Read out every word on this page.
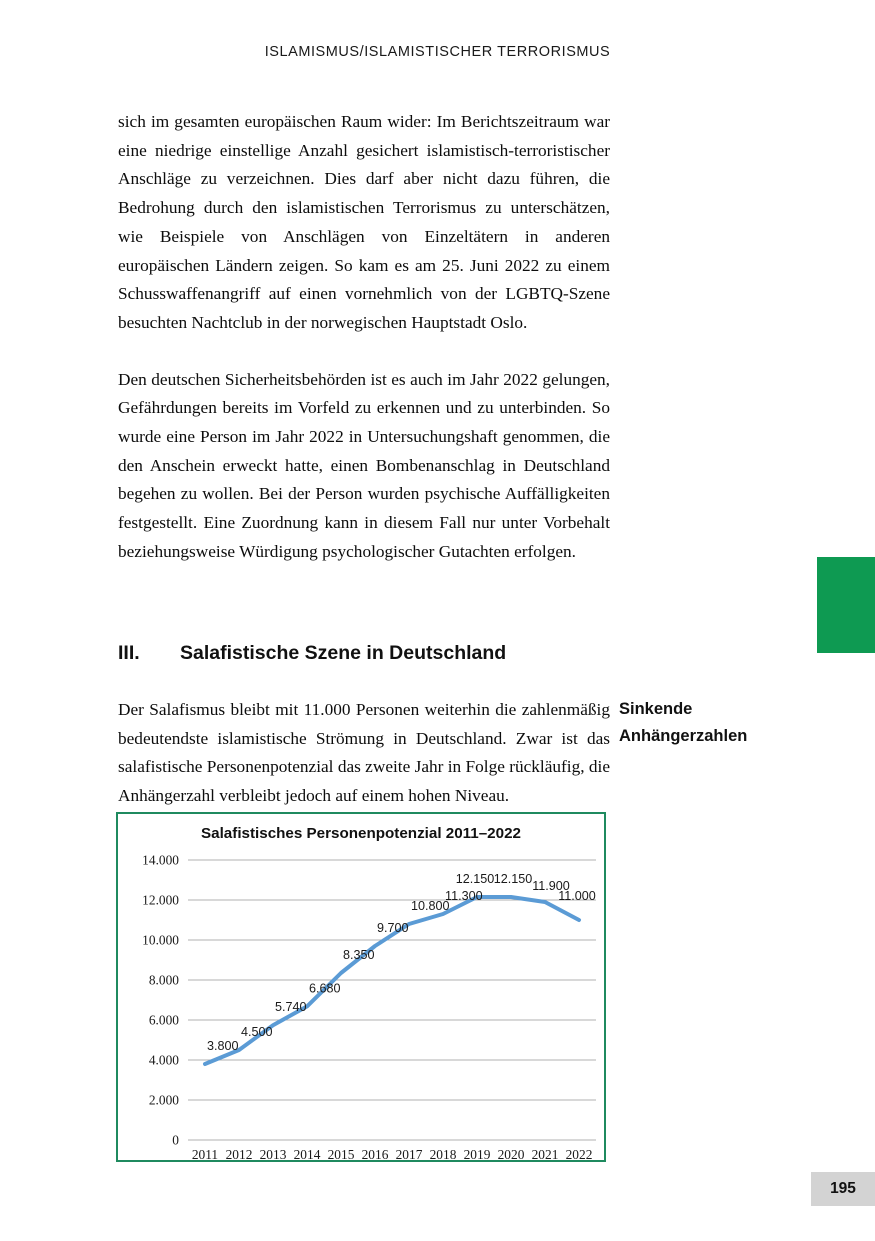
ISLAMISMUS/ISLAMISTISCHER TERRORISMUS

sich im gesamten europäischen Raum wider: Im Berichtszeitraum war eine niedrige einstellige Anzahl gesichert islamistisch-terroristischer Anschläge zu verzeichnen. Dies darf aber nicht dazu führen, die Bedrohung durch den islamistischen Terrorismus zu unterschätzen, wie Beispiele von Anschlägen von Einzeltätern in anderen europäischen Ländern zeigen. So kam es am 25. Juni 2022 zu einem Schusswaffenangriff auf einen vornehmlich von der LGBTQ-Szene besuchten Nachtclub in der norwegischen Hauptstadt Oslo.

Den deutschen Sicherheitsbehörden ist es auch im Jahr 2022 gelungen, Gefährdungen bereits im Vorfeld zu erkennen und zu unterbinden. So wurde eine Person im Jahr 2022 in Untersuchungshaft genommen, die den Anschein erweckt hatte, einen Bombenanschlag in Deutschland begehen zu wollen. Bei der Person wurden psychische Auffälligkeiten festgestellt. Eine Zuordnung kann in diesem Fall nur unter Vorbehalt beziehungsweise Würdigung psychologischer Gutachten erfolgen.

III.	Salafistische Szene in Deutschland

Der Salafismus bleibt mit 11.000 Personen weiterhin die zahlenmäßig bedeutendste islamistische Strömung in Deutschland. Zwar ist das salafistische Personenpotenzial das zweite Jahr in Folge rückläufig, die Anhängerzahl verbleibt jedoch auf einem hohen Niveau.

Sinkende
Anhängerzahlen
195
Salafistisches Personenpotenzial 2011–2022
0
2.000
4.000
6.000
8.000
10.000
12.000
14.000
2011 2012 2013 2014 2015 2016 2017 2018 2019 2020 2021 2022
3.800
4.500
5.740
6.680
8.350
9.700
10.800
11.300
12.150 12.150 11.900
11.000
